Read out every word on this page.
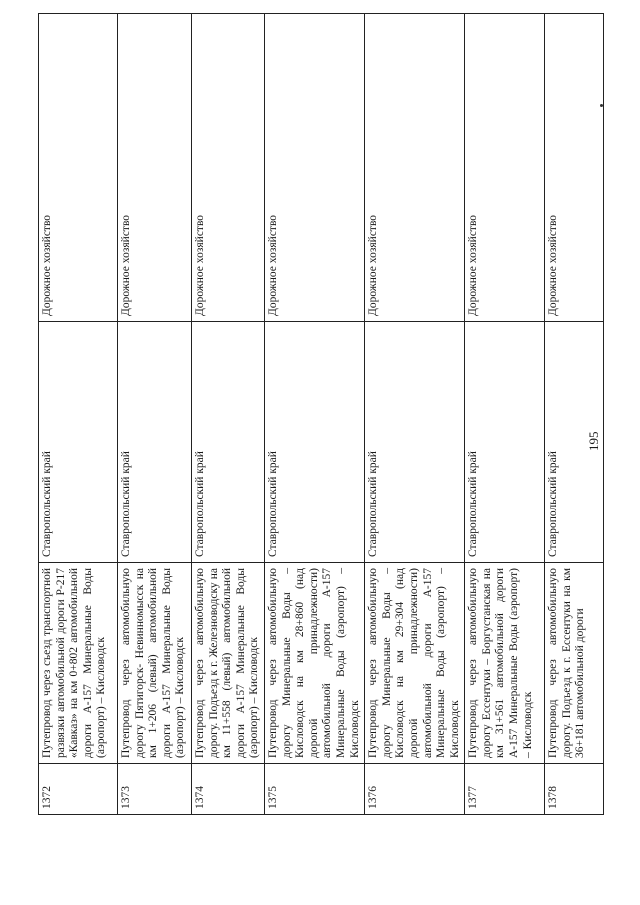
195
1372	Путепровод через съезд транспортной развязки автомобильной дороги Р-217 «Кавказ» на км 0+802 автомобильной дороги А-157 Минеральные Воды (аэропорт) – Кисловодск	Ставропольский край	Дорожное хозяйство
1373	Путепровод через автомобильную дорогу Пятигорск- Невинномысск на км 1+206 (левый) автомобильной дороги А-157 Минеральные Воды (аэропорт) – Кисловодск	Ставропольский край	Дорожное хозяйство
1374	Путепровод через автомобильную дорогу. Подъезд к г. Железноводску на км 11+558 (левый) автомобильной дороги А-157 Минеральные Воды (аэропорт) – Кисловодск	Ставропольский край	Дорожное хозяйство
1375	Путепровод через автомобильную дорогу Минеральные Воды – Кисловодск на км 28+860 (над дорогой принадлежности) автомобильной дороги А-157 Минеральные Воды (аэропорт) – Кисловодск	Ставропольский край	Дорожное хозяйство
1376	Путепровод через автомобильную дорогу Минеральные Воды – Кисловодск на км 29+304 (над дорогой принадлежности) автомобильной дороги А-157 Минеральные Воды (аэропорт) – Кисловодск	Ставропольский край	Дорожное хозяйство
1377	Путепровод через автомобильную дорогу Ессентуки – Боргустанская на км 31+561 автомобильной дороги А-157 Минеральные Воды (аэропорт) – Кисловодск	Ставропольский край	Дорожное хозяйство
1378	Путепровод через автомобильную дорогу. Подъезд к г. Ессентуки на км 36+181 автомобильной дороги	Ставропольский край	Дорожное хозяйство
